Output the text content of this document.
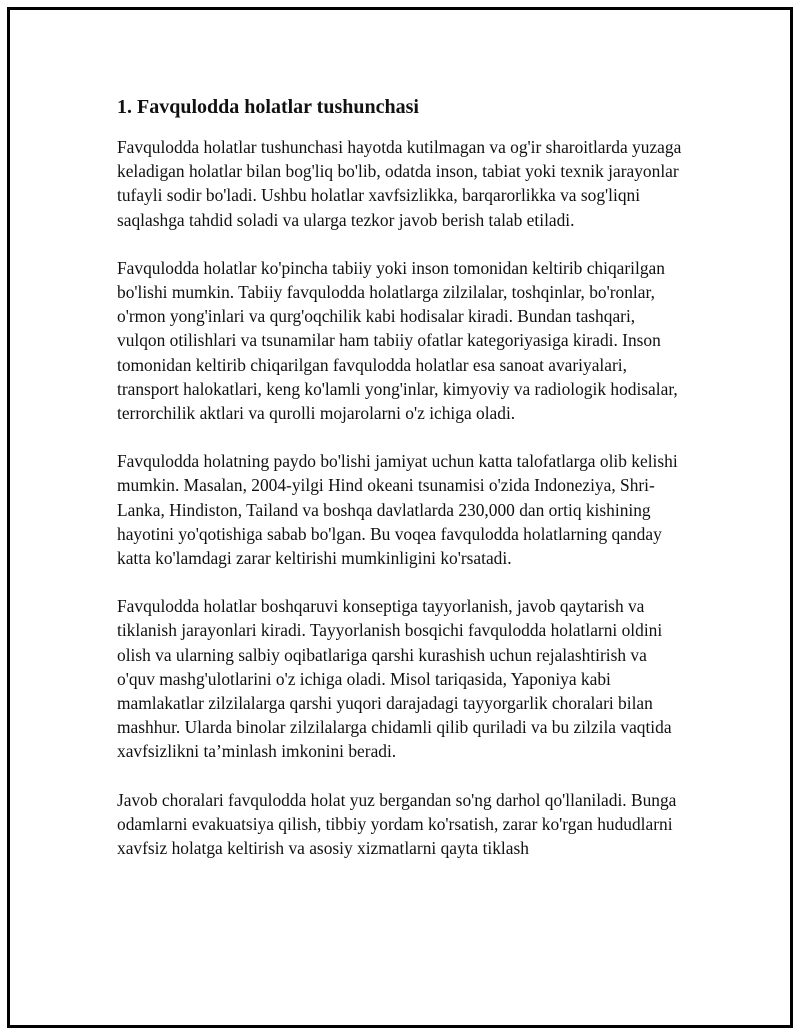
1. Favqulodda holatlar tushunchasi

Favqulodda holatlar tushunchasi hayotda kutilmagan va og'ir sharoitlarda yuzaga keladigan holatlar bilan bog'liq bo'lib, odatda inson, tabiat yoki texnik jarayonlar tufayli sodir bo'ladi. Ushbu holatlar xavfsizlikka, barqarorlikka va sog'liqni saqlashga tahdid soladi va ularga tezkor javob berish talab etiladi.

Favqulodda holatlar ko'pincha tabiiy yoki inson tomonidan keltirib chiqarilgan bo'lishi mumkin. Tabiiy favqulodda holatlarga zilzilalar, toshqinlar, bo'ronlar, o'rmon yong'inlari va qurg'oqchilik kabi hodisalar kiradi. Bundan tashqari, vulqon otilishlari va tsunamilar ham tabiiy ofatlar kategoriyasiga kiradi. Inson tomonidan keltirib chiqarilgan favqulodda holatlar esa sanoat avariyalari, transport halokatlari, keng ko'lamli yong'inlar, kimyoviy va radiologik hodisalar, terrorchilik aktlari va qurolli mojarolarni o'z ichiga oladi.

Favqulodda holatning paydo bo'lishi jamiyat uchun katta talofatlarga olib kelishi mumkin. Masalan, 2004-yilgi Hind okeani tsunamisi o'zida Indoneziya, Shri-Lanka, Hindiston, Tailand va boshqa davlatlarda 230,000 dan ortiq kishining hayotini yo'qotishiga sabab bo'lgan. Bu voqea favqulodda holatlarning qanday katta ko'lamdagi zarar keltirishi mumkinligini ko'rsatadi.

Favqulodda holatlar boshqaruvi konseptiga tayyorlanish, javob qaytarish va tiklanish jarayonlari kiradi. Tayyorlanish bosqichi favqulodda holatlarni oldini olish va ularning salbiy oqibatlariga qarshi kurashish uchun rejalashtirish va o'quv mashg'ulotlarini o'z ichiga oladi. Misol tariqasida, Yaponiya kabi mamlakatlar zilzilalarga qarshi yuqori darajadagi tayyorgarlik choralari bilan mashhur. Ularda binolar zilzilalarga chidamli qilib quriladi va bu zilzila vaqtida xavfsizlikni ta’minlash imkonini beradi.

Javob choralari favqulodda holat yuz bergandan so'ng darhol qo'llaniladi. Bunga odamlarni evakuatsiya qilish, tibbiy yordam ko'rsatish, zarar ko'rgan hududlarni xavfsiz holatga keltirish va asosiy xizmatlarni qayta tiklash
